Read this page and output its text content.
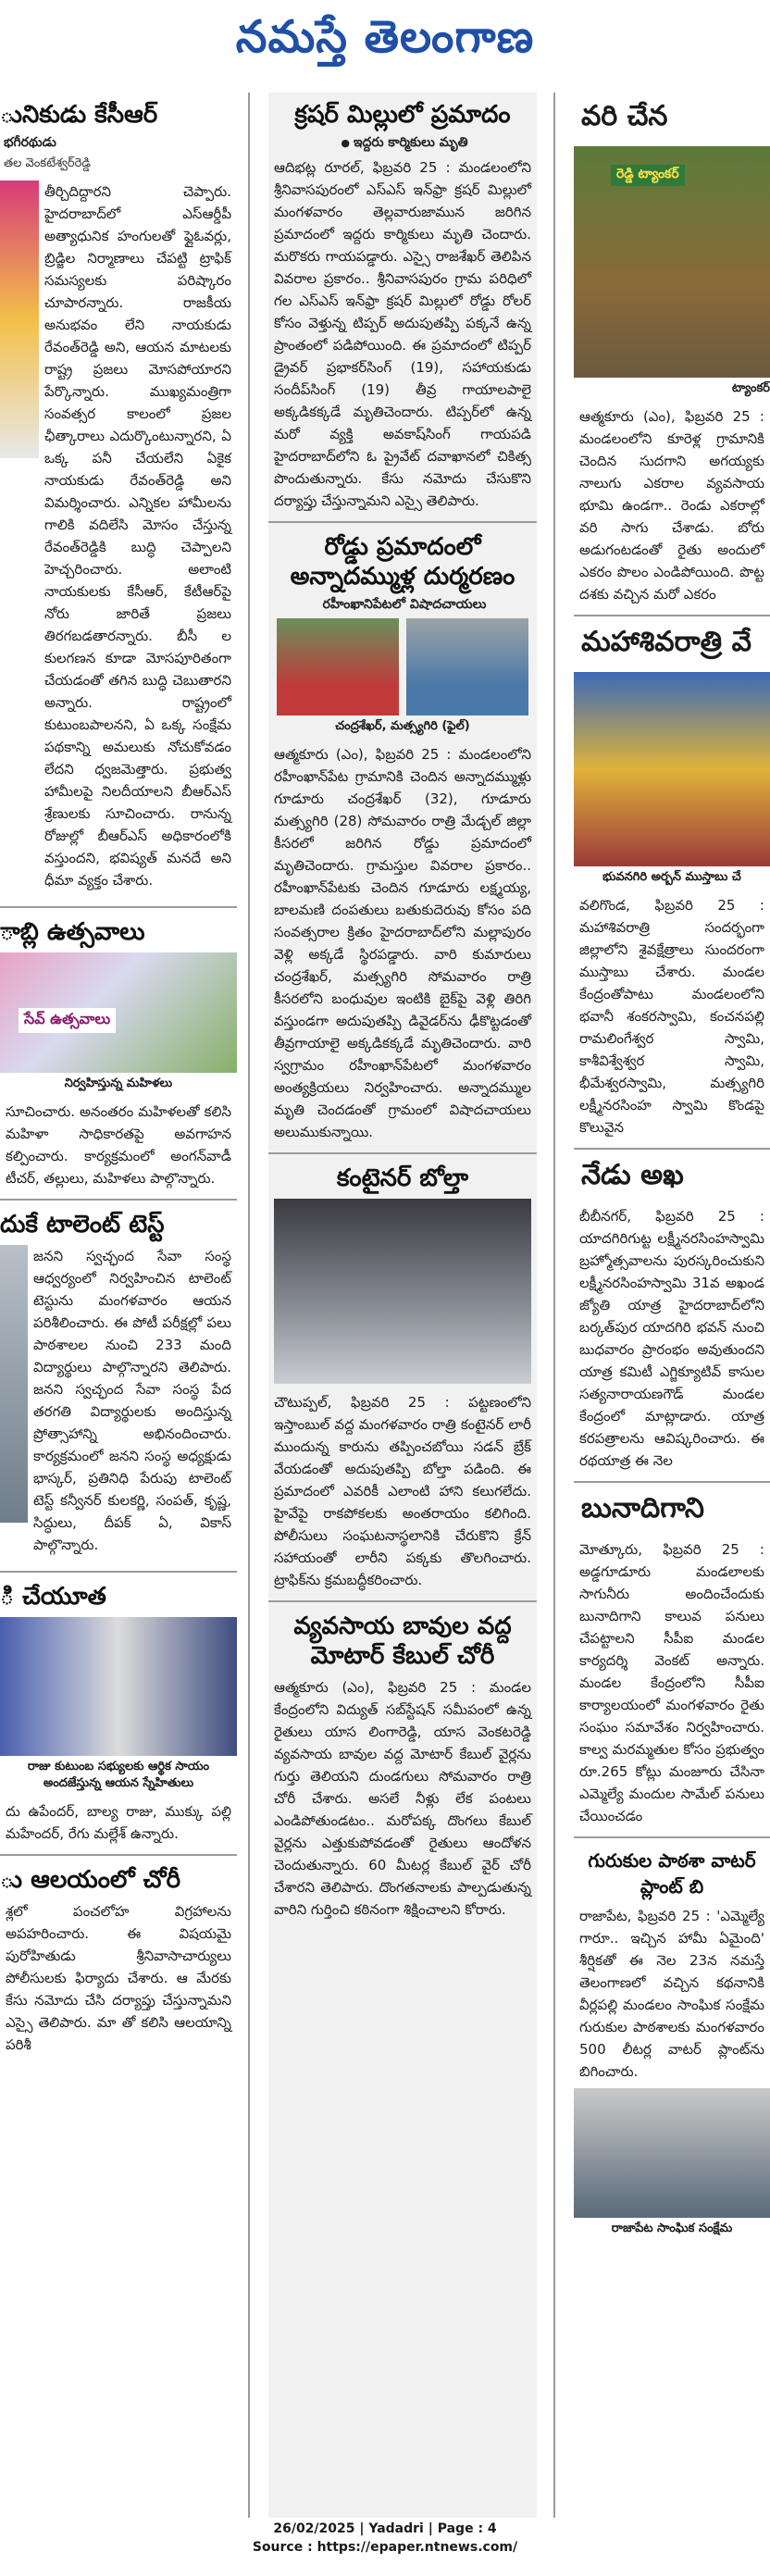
నమస్తే తెలంగాణ
ునికుడు కేసీఆర్
భగీరథుడు
తల వెంకటేశ్వర్‌రెడ్డి
తీర్చిదిద్దారని చెప్పారు. హైదరాబాద్‌లో ఎస్ఆర్డీపీ అత్యాధునిక హంగులతో ఫ్లైఓవర్లు, బ్రిడ్జిల నిర్మాణాలు చేపట్టి ట్రాఫిక్ సమస్యలకు పరిష్కారం చూపారన్నారు. రాజకీయ అనుభవం లేని నాయకుడు రేవంత్‌రెడ్డి అని, ఆయన మాటలకు రాష్ట్ర ప్రజలు మోసపోయారని పేర్కొన్నారు. ముఖ్యమంత్రిగా సంవత్సర కాలంలో ప్రజల ఛీత్కారాలు ఎదుర్కొంటున్నారని, ఏ ఒక్క పనీ చేయలేని ఏకైక నాయకుడు రేవంత్‌రెడ్డి అని విమర్శించారు. ఎన్నికల హామీలను గాలికి వదిలేసి మోసం చేస్తున్న రేవంత్‌రెడ్డికి బుద్ధి చెప్పాలని హెచ్చరించారు. అలాంటి నాయకులకు కేసీఆర్, కేటీఆర్‌పై నోరు జారితే ప్రజలు తిరగబడతారన్నారు. బీసీ ల కులగణన కూడా మోసపూరితంగా చేయడంతో తగిన బుద్ధి చెబుతారని అన్నారు. రాష్ట్రంలో కుటుంబపాలనని, ఏ ఒక్క సంక్షేమ పథకాన్ని అమలుకు నోచుకోవడం లేదని ధ్వజమెత్తారు. ప్రభుత్వ హామీలపై నిలదీయాలని బీఆర్‌ఎస్ శ్రేణులకు సూచించారు. రానున్న రోజుల్లో బీఆర్‌ఎస్ అధికారంలోకి వస్తుందని, భవిష్యత్ మనదే అని ధీమా వ్యక్తం చేశారు.
ాబ్లి ఉత్సవాలు
సేవ్ ఉత్సవాలు
నిర్వహిస్తున్న మహిళలు
సూచించారు. అనంతరం మహిళలతో కలిసి మహిళా సాధికారతపై అవగాహన కల్పించారు. కార్యక్రమంలో అంగన్‌వాడీ టీచర్, తల్లులు, మహిళలు పాల్గొన్నారు.
దుకే టాలెంట్ టెస్ట్
జనని స్వచ్ఛంద సేవా సంస్థ ఆధ్వర్యంలో నిర్వహించిన టాలెంట్ టెస్టును మంగళవారం ఆయన పరిశీలించారు. ఈ పోటీ పరీక్షల్లో పలు పాఠశాలల నుంచి 233 మంది విద్యార్థులు పాల్గొన్నారని తెలిపారు. జనని స్వచ్ఛంద సేవా సంస్థ పేద తరగతి విద్యార్థులకు అందిస్తున్న ప్రోత్సాహాన్ని అభినందించారు. కార్యక్రమంలో జనని సంస్థ అధ్యక్షుడు భాస్కర్, ప్రతినిధి పేరుపు టాలెంట్ టెస్ట్ కన్వీనర్ కులకర్ణి, సంపత్, కృష్ణ, సిద్ధులు, దీపక్ ఏ, వికాస్ పాల్గొన్నారు.
ి చేయూత
రాజు కుటుంబ సభ్యులకు ఆర్థిక సాయం అందజేస్తున్న ఆయన స్నేహితులు
దు ఉపేందర్, బాల్య రాజు, ముక్కు పల్లి మహేందర్, రేగు మల్లేశ్ ఉన్నారు.
ు ఆలయంలో చోరీ
శ్లలో పంచలోహ విగ్రహాలను అపహరించారు. ఈ విషయమై పురోహితుడు శ్రీనివాసాచార్యులు పోలీసులకు ఫిర్యాదు చేశారు. ఆ మేరకు కేసు నమోదు చేసి దర్యాప్తు చేస్తున్నామని ఎస్సై తెలిపారు. మా తో కలిసి ఆలయాన్ని పరిశీ
క్రషర్ మిల్లులో ప్రమాదం
● ఇద్దరు కార్మికులు మృతి
ఆదిభట్ల రూరల్, ఫిబ్రవరి 25 : మండలంలోని శ్రీనివాసపురంలో ఎస్ఎస్ ఇన్‌ఫ్రా క్రషర్ మిల్లులో మంగళవారం తెల్లవారుజామున జరిగిన ప్రమాదంలో ఇద్దరు కార్మికులు మృతి చెందారు. మరొకరు గాయపడ్డారు. ఎస్సై రాజశేఖర్ తెలిపిన వివరాల ప్రకారం.. శ్రీనివాసపురం గ్రామ పరిధిలో గల ఎస్ఎస్ ఇన్‌ఫ్రా క్రషర్ మిల్లులో రోడ్డు రోలర్ కోసం వెళ్తున్న టిప్పర్ అదుపుతప్పి పక్కనే ఉన్న ప్రాంతంలో పడిపోయింది. ఈ ప్రమాదంలో టిప్పర్ డ్రైవర్ ప్రభాకర్‌సింగ్ (19), సహాయకుడు సందీప్‌సింగ్ (19) తీవ్ర గాయాలపాలై అక్కడికక్కడే మృతిచెందారు. టిప్పర్‌లో ఉన్న మరో వ్యక్తి అవకాష్‌సింగ్ గాయపడి హైదరాబాద్‌లోని ఓ ప్రైవేట్ దవాఖానలో చికిత్స పొందుతున్నారు. కేసు నమోదు చేసుకొని దర్యాప్తు చేస్తున్నామని ఎస్సై తెలిపారు.
రోడ్డు ప్రమాదంలో అన్నాదమ్ముళ్ల దుర్మరణం
రహీంఖానిపేటలో విషాదచాయలు
చంద్రశేఖర్, మత్స్యగిరి (ఫైల్)
ఆత్మకూరు (ఎం), ఫిబ్రవరి 25 : మండలంలోని రహీంఖాన్‌పేట గ్రామానికి చెందిన అన్నాదమ్ముళ్లు గూడూరు చంద్రశేఖర్ (32), గూడూరు మత్స్యగిరి (28) సోమవారం రాత్రి మేడ్చల్ జిల్లా కీసరలో జరిగిన రోడ్డు ప్రమాదంలో మృతిచెందారు. గ్రామస్తుల వివరాల ప్రకారం.. రహీంఖాన్‌పేటకు చెందిన గూడూరు లక్ష్మయ్య, బాలమణి దంపతులు బతుకుదెరువు కోసం పది సంవత్సరాల క్రితం హైదరాబాద్‌లోని మల్లాపురం వెళ్లి అక్కడే స్థిరపడ్డారు. వారి కుమారులు చంద్రశేఖర్, మత్స్యగిరి సోమవారం రాత్రి కీసరలోని బంధువుల ఇంటికి బైక్‌పై వెళ్లి తిరిగి వస్తుండగా అదుపుతప్పి డివైడర్‌ను ఢీకొట్టడంతో తీవ్రగాయాలై అక్కడికక్కడే మృతిచెందారు. వారి స్వగ్రామం రహీంఖాన్‌పేటలో మంగళవారం అంత్యక్రియలు నిర్వహించారు. అన్నాదమ్ముల మృతి చెందడంతో గ్రామంలో విషాదచాయలు అలుముకున్నాయి.
కంటైనర్ బోల్తా
చౌటుప్పల్, ఫిబ్రవరి 25 : పట్టణంలోని ఇస్తాంబుల్ వద్ద మంగళవారం రాత్రి కంటైనర్ లారీ ముందున్న కారును తప్పించబోయి సడన్ బ్రేక్ వేయడంతో అదుపుతప్పి బోల్తా పడింది. ఈ ప్రమాదంలో ఎవరికీ ఎలాంటి హాని కలుగలేదు. హైవేపై రాకపోకలకు అంతరాయం కలిగింది. పోలీసులు సంఘటనాస్థలానికి చేరుకొని క్రేన్ సహాయంతో లారీని పక్కకు తొలగించారు. ట్రాఫిక్‌ను క్రమబద్ధీకరించారు.
వ్యవసాయ బావుల వద్ద మోటార్ కేబుల్ చోరీ
ఆత్మకూరు (ఎం), ఫిబ్రవరి 25 : మండల కేంద్రంలోని విద్యుత్ సబ్‌స్టేషన్ సమీపంలో ఉన్న రైతులు యాస లింగారెడ్డి, యాస వెంకటరెడ్డి వ్యవసాయ బావుల వద్ద మోటార్ కేబుల్ వైర్లను గుర్తు తెలియని దుండగులు సోమవారం రాత్రి చోరీ చేశారు. అసలే నీళ్లు లేక పంటలు ఎండిపోతుండటం.. మరోపక్క దొంగలు కేబుల్ వైర్లను ఎత్తుకుపోవడంతో రైతులు ఆందోళన చెందుతున్నారు. 60 మీటర్ల కేబుల్ వైర్ చోరీ చేశారని తెలిపారు. దొంగతనాలకు పాల్పడుతున్న వారిని గుర్తించి కఠినంగా శిక్షించాలని కోరారు.
వరి చేన
రెడ్డి ట్యాంకర్
ట్యాంకర్
ఆత్మకూరు (ఎం), ఫిబ్రవరి 25 : మండలంలోని కూరెళ్ల గ్రామానికి చెందిన సుదగాని అగయ్యకు నాలుగు ఎకరాల వ్యవసాయ భూమి ఉండగా.. రెండు ఎకరాల్లో వరి సాగు చేశాడు. బోరు అడుగంటడంతో రైతు అందులో ఎకరం పొలం ఎండిపోయింది. పొట్ట దశకు వచ్చిన మరో ఎకరం
మహాశివరాత్రి వే
భువనగిరి అర్బన్ ముస్తాబు చే
వలిగొండ, ఫిబ్రవరి 25 : మహాశివరాత్రి సందర్భంగా జిల్లాలోని శైవక్షేత్రాలు సుందరంగా ముస్తాబు చేశారు. మండల కేంద్రంతోపాటు మండలంలోని భవానీ శంకరస్వామి, కంచనపల్లి రామలింగేశ్వర స్వామి, కాశీవిశ్వేశ్వర స్వామి, భీమేశ్వరస్వామి, మత్స్యగిరి లక్ష్మీనరసింహ స్వామి కొండపై కొలువైన
నేడు అఖ
బీబీనగర్, ఫిబ్రవరి 25 : యాదగిరిగుట్ట లక్ష్మీనరసింహస్వామి బ్రహ్మోత్సవాలను పురస్కరించుకుని లక్ష్మీనరసింహస్వామి 31వ అఖండ జ్యోతి యాత్ర హైదరాబాద్‌లోని బర్కత్‌పుర యాదగిరి భవన్ నుంచి బుధవారం ప్రారంభం అవుతుందని యాత్ర కమిటీ ఎగ్జిక్యూటివ్ కాసుల సత్యనారాయణగౌడ్ మండల కేంద్రంలో మాట్లాడారు. యాత్ర కరపత్రాలను ఆవిష్కరించారు. ఈ రథయాత్ర ఈ నెల
బునాదిగాని
మోత్కూరు, ఫిబ్రవరి 25 : అడ్డగూడూరు మండలాలకు సాగునీరు అందించేందుకు బునాదిగాని కాలువ పనులు చేపట్టాలని సీపీఐ మండల కార్యదర్శి వెంకట్ అన్నారు. మండల కేంద్రంలోని సీపీఐ కార్యాలయంలో మంగళవారం రైతు సంఘం సమావేశం నిర్వహించారు. కాల్వ మరమ్మతుల కోసం ప్రభుత్వం రూ.265 కోట్లు మంజూరు చేసినా ఎమ్మెల్యే మందుల సామేల్ పనులు చేయించడం
గురుకుల పాఠశా వాటర్ ప్లాంట్ బి
రాజాపేట, ఫిబ్రవరి 25 : 'ఎమ్మెల్యే గారూ.. ఇచ్చిన హామీ ఏమైంది' శీర్షికతో ఈ నెల 23న నమస్తే తెలంగాణలో వచ్చిన కథనానికి వీర్లపల్లి మండలం సాంఘిక సంక్షేమ గురుకుల పాఠశాలకు మంగళవారం 500 లీటర్ల వాటర్ ప్లాంట్‌ను బిగించారు.
రాజాపేట సాంఘిక సంక్షేమ
26/02/2025 | Yadadri | Page : 4
Source : https://epaper.ntnews.com/
